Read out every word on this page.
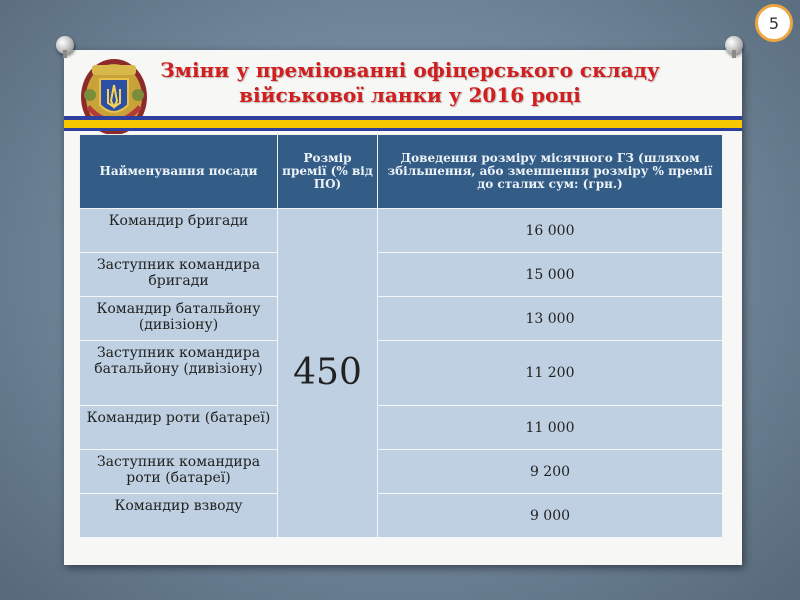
5
Зміни у преміюванні офіцерського складу
військової ланки у 2016 році
Найменування посади	Розмір премії (% від ПО)	Доведення розміру місячного ГЗ (шляхом збільшення, або зменшення розміру % премії до сталих сум: (грн.)
Командир бригади	450	16 000
Заступник командира бригади		15 000
Командир батальйону (дивізіону)		13 000
Заступник командира батальйону (дивізіону)		11 200
Командир роти (батареї)		11 000
Заступник командира роти (батареї)		9 200
Командир взводу		9 000
